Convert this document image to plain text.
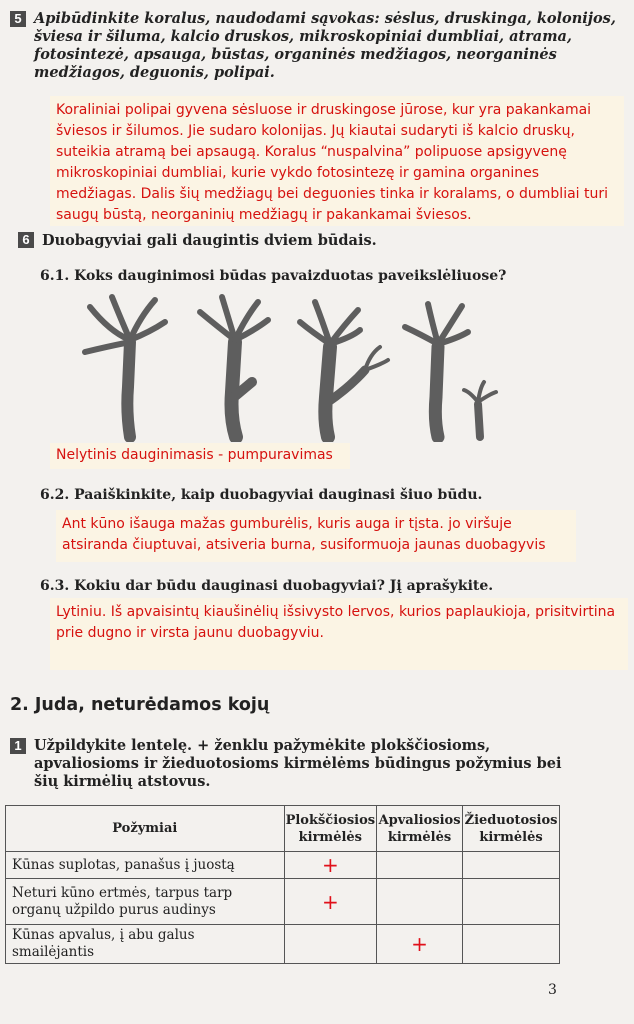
5 Apibūdinkite koralus, naudodami sąvokas: sėslus, druskinga, kolonijos, šviesa ir šiluma, kalcio druskos, mikroskopiniai dumbliai, atrama, fotosintezė, apsauga, būstas, organinės medžiagos, neorganinės medžiagos, deguonis, polipai.
Koraliniai polipai gyvena sėsluose ir druskingose jūrose, kur yra pakankamai šviesos ir šilumos. Jie sudaro kolonijas. Jų kiautai sudaryti iš kalcio druskų, suteikia atramą bei apsaugą. Koralus “nuspalvina” polipuose apsigyvenę mikroskopiniai dumbliai, kurie vykdo fotosintezę ir gamina organines medžiagas. Dalis šių medžiagų bei deguonies tinka ir koralams, o dumbliai turi saugų būstą, neorganinių medžiagų ir pakankamai šviesos.
6 Duobagyviai gali daugintis dviem būdais.
6.1. Koks dauginimosi būdas pavaizduotas paveikslėliuose?
Nelytinis dauginimasis - pumpuravimas
6.2. Paaiškinkite, kaip duobagyviai dauginasi šiuo būdu.
Ant kūno išauga mažas gumburėlis, kuris auga ir tįsta. jo viršuje atsiranda čiuptuvai, atsiveria burna, susiformuoja jaunas duobagyvis
6.3. Kokiu dar būdu dauginasi duobagyviai? Jį aprašykite.
Lytiniu. Iš apvaisintų kiaušinėlių išsivysto lervos, kurios paplaukioja, prisitvirtina prie dugno ir virsta jaunu duobagyviu.
2. Juda, neturėdamos kojų
1 Užpildykite lentelę. + ženklu pažymėkite plokščiosioms, apvaliosioms ir žieduotosioms kirmėlėms būdingus požymius bei šių kirmėlių atstovus.
Požymiai	Plokščiosios kirmėlės	Apvaliosios kirmėlės	Žieduotosios kirmėlės
Kūnas suplotas, panašus į juostą	+		
Neturi kūno ertmės, tarpus tarp organų užpildo purus audinys	+		
Kūnas apvalus, į abu galus smailėjantis		+	
3
